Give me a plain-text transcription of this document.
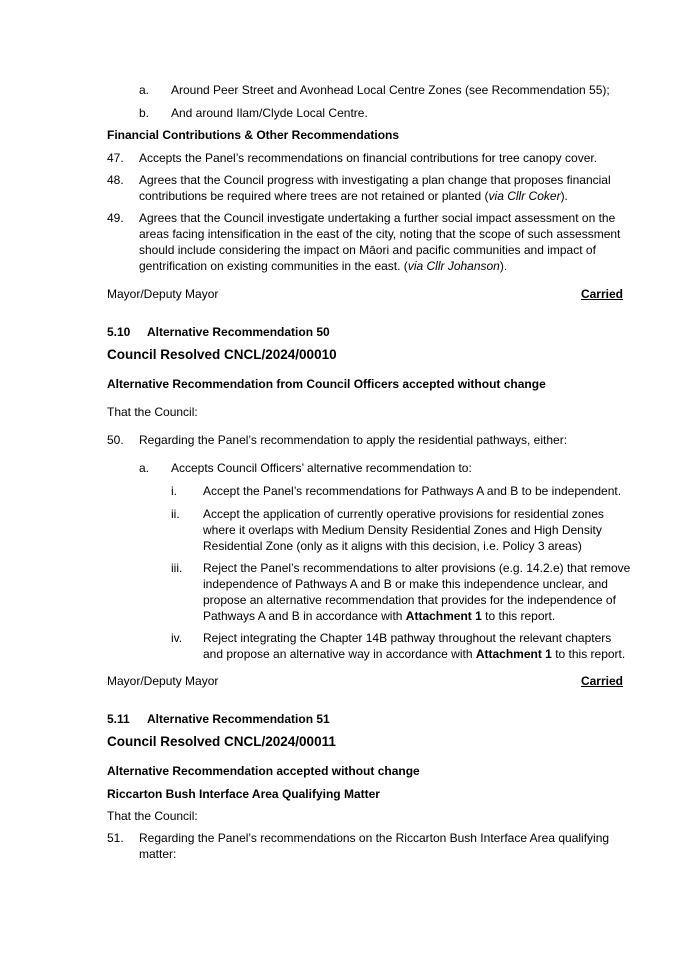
a. Around Peer Street and Avonhead Local Centre Zones (see Recommendation 55);
b. And around Ilam/Clyde Local Centre.
Financial Contributions & Other Recommendations
47. Accepts the Panel’s recommendations on financial contributions for tree canopy cover.
48. Agrees that the Council progress with investigating a plan change that proposes financial
contributions be required where trees are not retained or planted (via Cllr Coker).
49. Agrees that the Council investigate undertaking a further social impact assessment on the
areas facing intensification in the east of the city, noting that the scope of such assessment
should include considering the impact on Māori and pacific communities and impact of
gentrification on existing communities in the east. (via Cllr Johanson).
Mayor/Deputy Mayor	Carried
5.10 Alternative Recommendation 50
Council Resolved CNCL/2024/00010
Alternative Recommendation from Council Officers accepted without change
That the Council:
50. Regarding the Panel’s recommendation to apply the residential pathways, either:
a. Accepts Council Officers’ alternative recommendation to:
i. Accept the Panel’s recommendations for Pathways A and B to be independent.
ii. Accept the application of currently operative provisions for residential zones
where it overlaps with Medium Density Residential Zones and High Density
Residential Zone (only as it aligns with this decision, i.e. Policy 3 areas)
iii. Reject the Panel’s recommendations to alter provisions (e.g. 14.2.e) that remove
independence of Pathways A and B or make this independence unclear, and
propose an alternative recommendation that provides for the independence of
Pathways A and B in accordance with Attachment 1 to this report.
iv. Reject integrating the Chapter 14B pathway throughout the relevant chapters
and propose an alternative way in accordance with Attachment 1 to this report.
Mayor/Deputy Mayor	Carried
5.11 Alternative Recommendation 51
Council Resolved CNCL/2024/00011
Alternative Recommendation accepted without change
Riccarton Bush Interface Area Qualifying Matter
That the Council:
51. Regarding the Panel’s recommendations on the Riccarton Bush Interface Area qualifying
matter:
